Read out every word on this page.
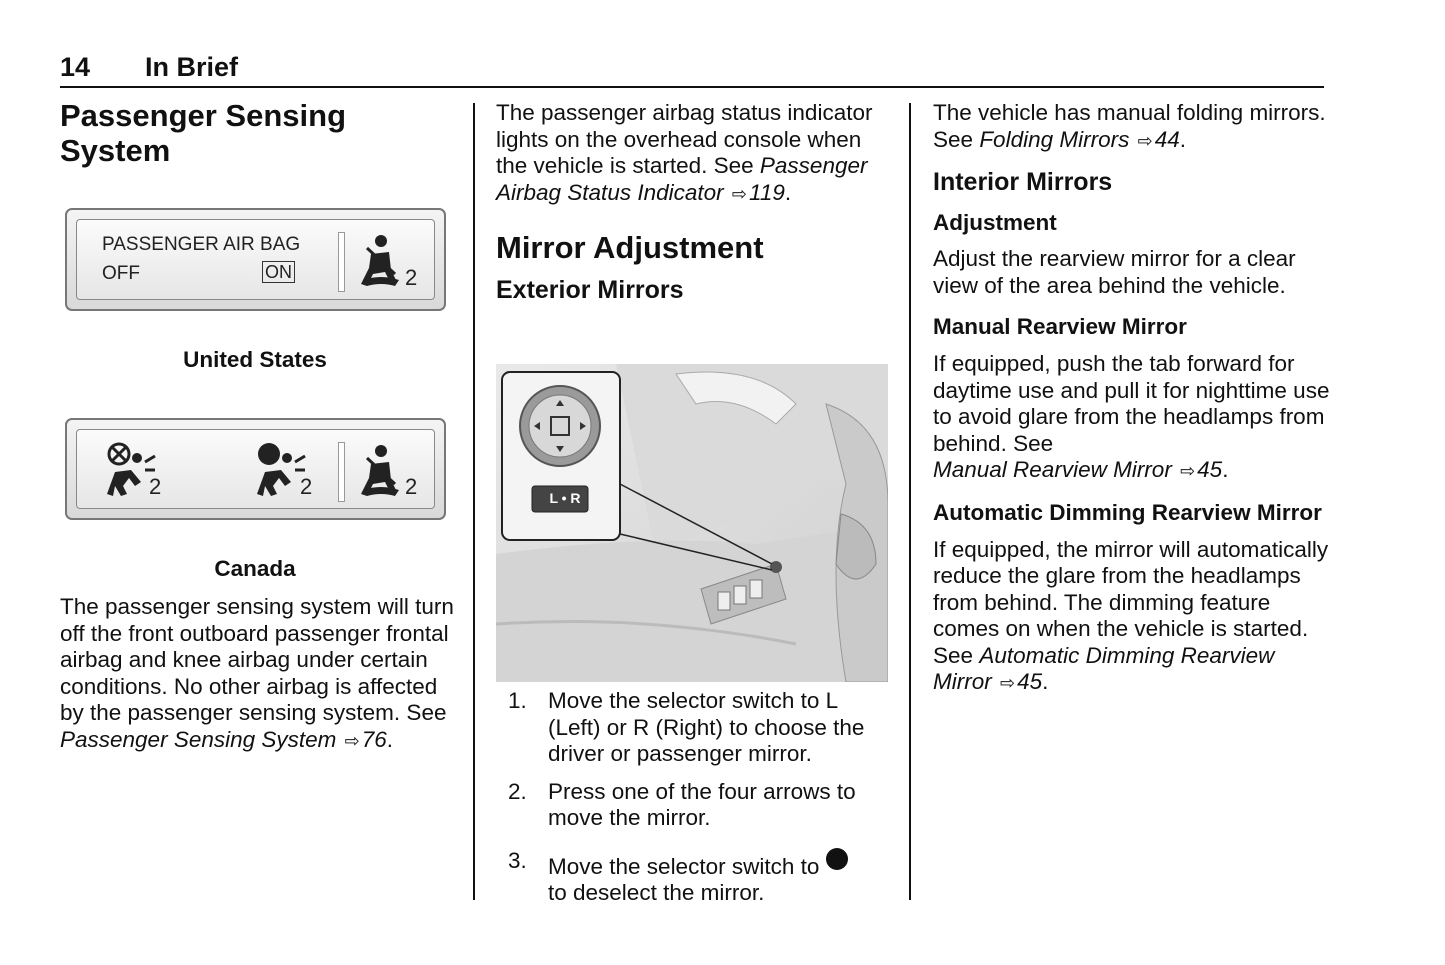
14 In Brief
Passenger Sensing System
PASSENGER AIR BAG
OFF	ON	2
United States
2	2	2
Canada

The passenger sensing system will turn off the front outboard passenger frontal airbag and knee airbag under certain conditions. No other airbag is affected by the passenger sensing system. See
Passenger Sensing System ⇨76.

The passenger airbag status indicator lights on the overhead console when the vehicle is started. See Passenger Airbag Status Indicator ⇨119.

Mirror Adjustment
Exterior Mirrors
L • R
1. Move the selector switch to L (Left) or R (Right) to choose the driver or passenger mirror.
2. Press one of the four arrows to move the mirror.
3. Move the selector switch to
to deselect the mirror.

The vehicle has manual folding mirrors. See Folding Mirrors ⇨44.

Interior Mirrors
Adjustment

Adjust the rearview mirror for a clear view of the area behind the vehicle.

Manual Rearview Mirror

If equipped, push the tab forward for daytime use and pull it for nighttime use to avoid glare from the headlamps from behind. See
Manual Rearview Mirror ⇨45.

Automatic Dimming Rearview Mirror

If equipped, the mirror will automatically reduce the glare from the headlamps from behind. The dimming feature comes on when the vehicle is started. See Automatic Dimming Rearview Mirror ⇨45.
